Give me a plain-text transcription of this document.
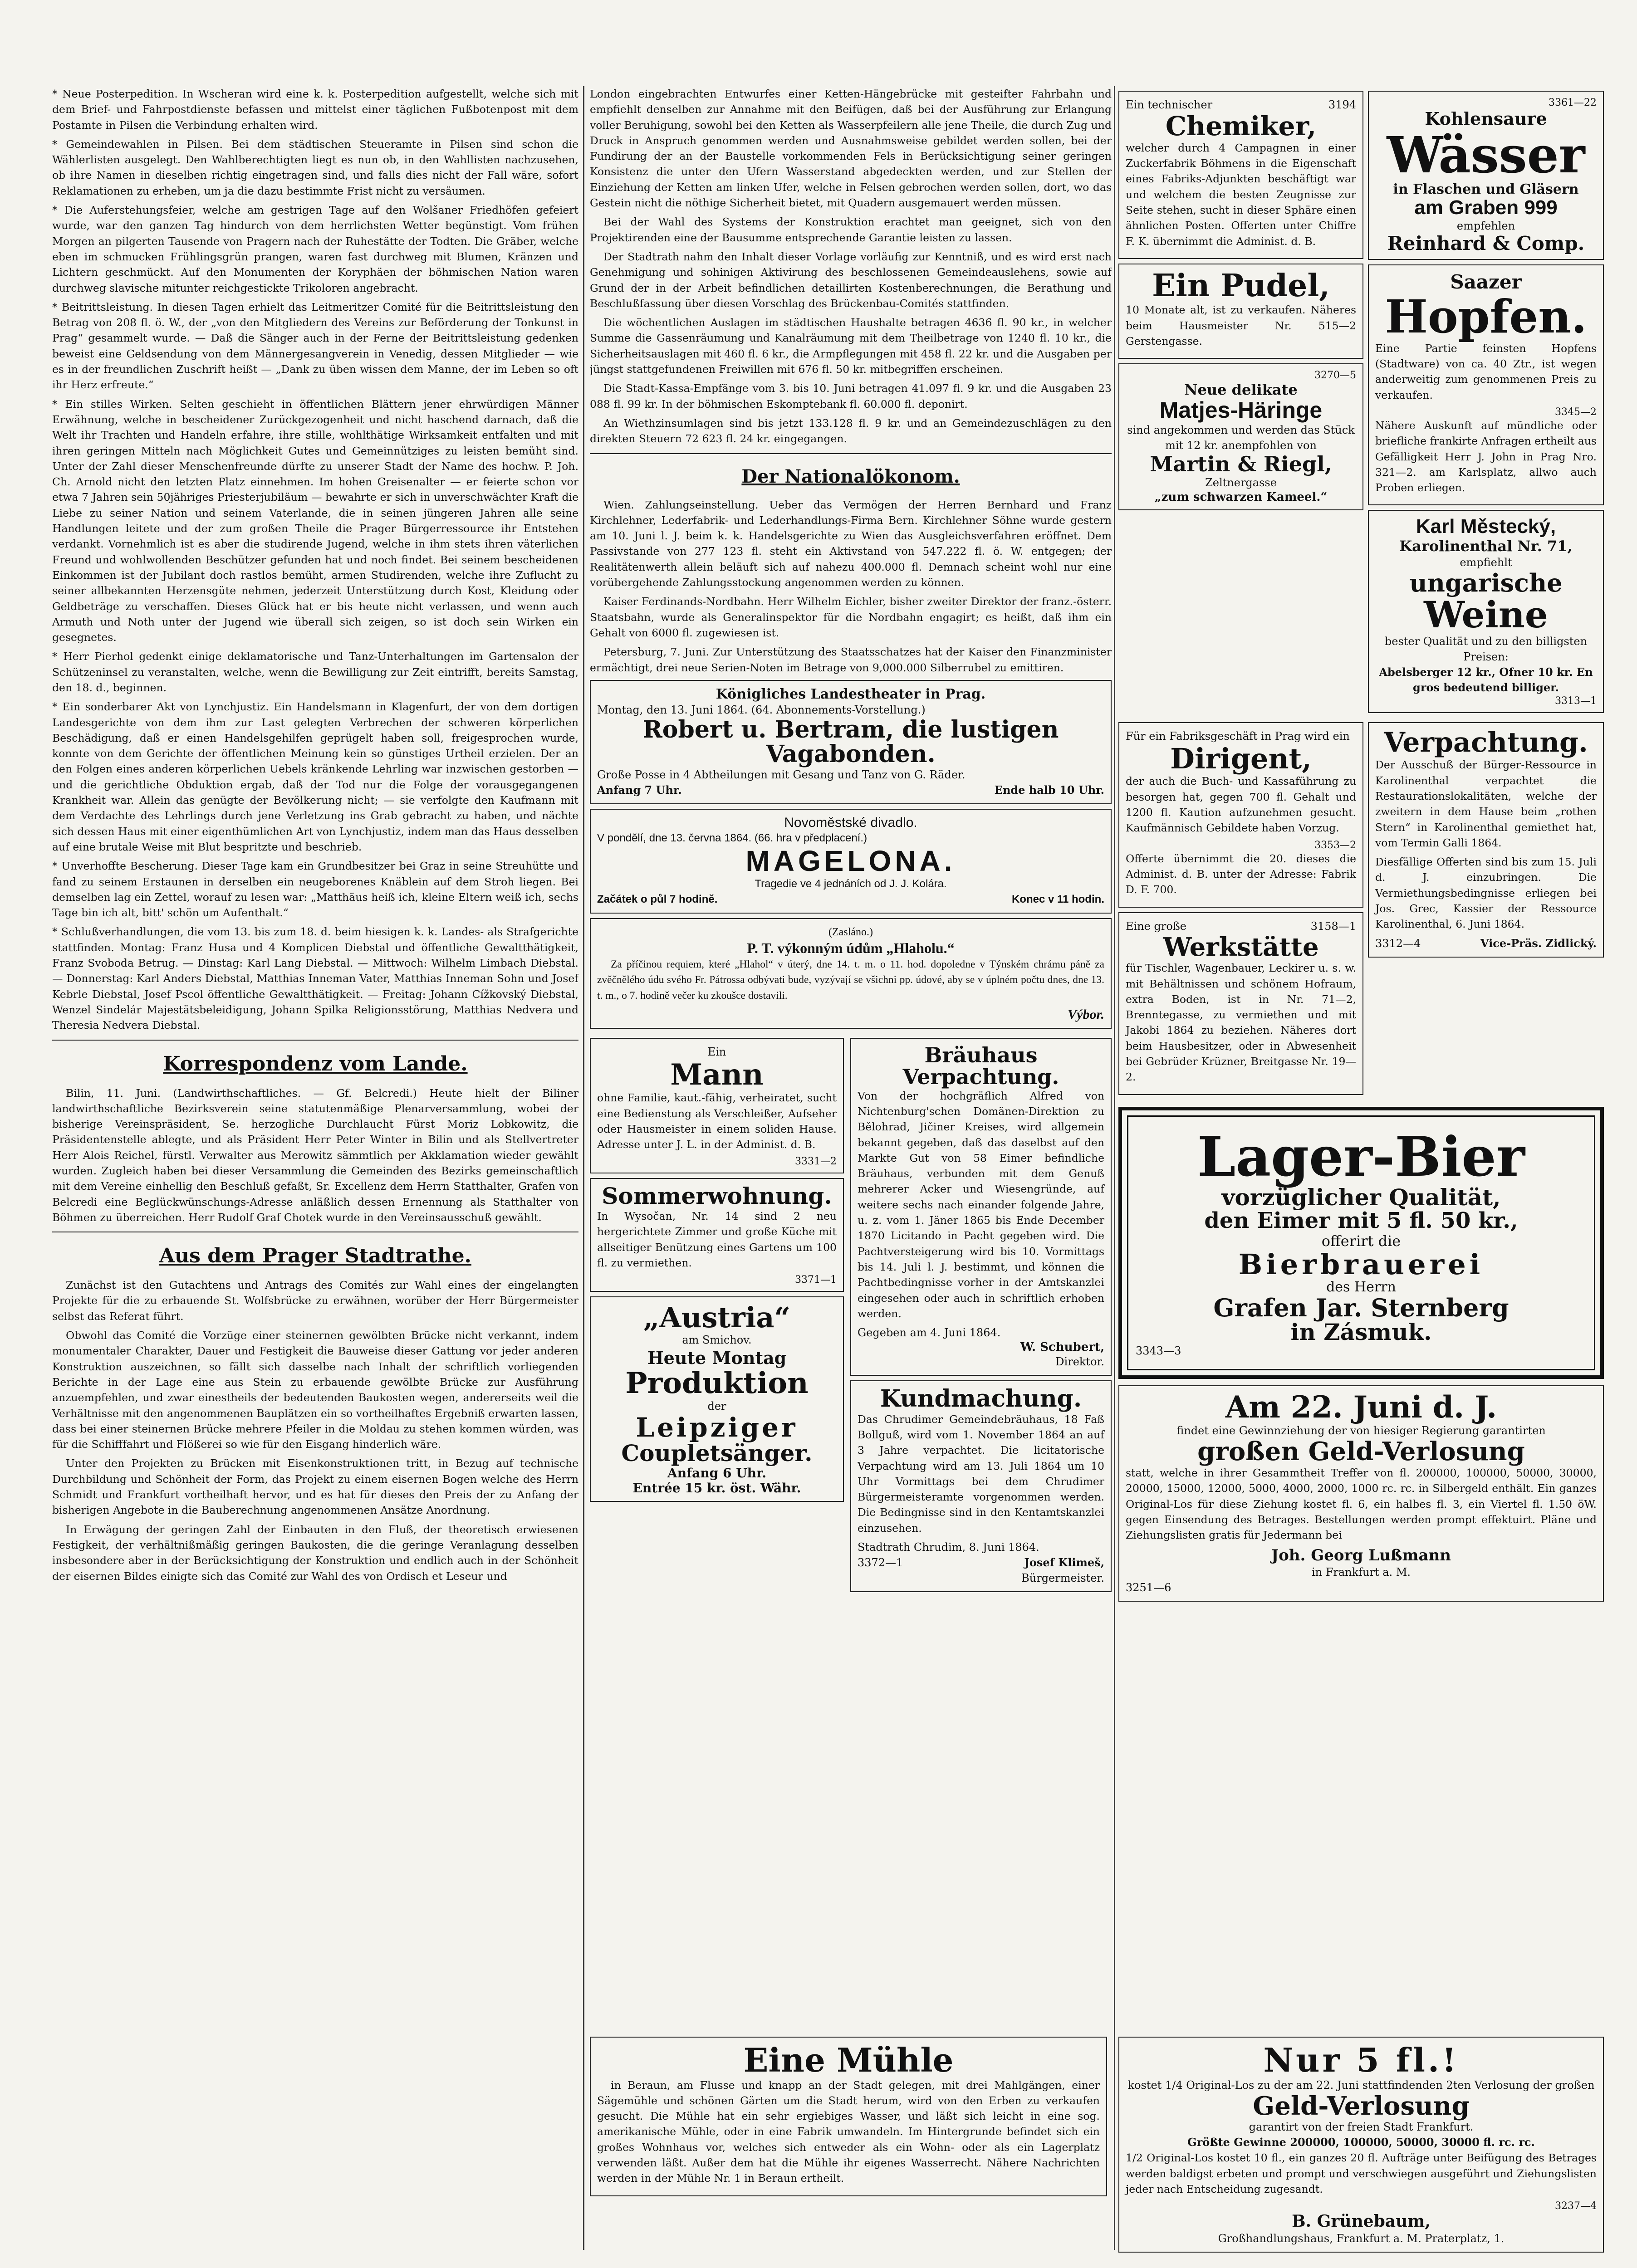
* Neue Posterpedition. In Wscheran wird eine k. k. Posterpedition aufgestellt, welche sich mit dem Brief- und Fahrpostdienste befassen und mittelst einer täglichen Fußbotenpost mit dem Postamte in Pilsen die Verbindung erhalten wird.

* Gemeindewahlen in Pilsen. Bei dem städtischen Steueramte in Pilsen sind schon die Wählerlisten ausgelegt. Den Wahlberechtigten liegt es nun ob, in den Wahllisten nachzusehen, ob ihre Namen in dieselben richtig eingetragen sind, und falls dies nicht der Fall wäre, sofort Reklamationen zu erheben, um ja die dazu bestimmte Frist nicht zu versäumen.

* Die Auferstehungsfeier, welche am gestrigen Tage auf den Wolšaner Friedhöfen gefeiert wurde, war den ganzen Tag hindurch von dem herrlichsten Wetter begünstigt. Vom frühen Morgen an pilgerten Tausende von Pragern nach der Ruhestätte der Todten. Die Gräber, welche eben im schmucken Frühlingsgrün prangen, waren fast durchweg mit Blumen, Kränzen und Lichtern geschmückt. Auf den Monumenten der Koryphäen der böhmischen Nation waren durchweg slavische mitunter reichgestickte Trikoloren angebracht.

* Beitrittsleistung. In diesen Tagen erhielt das Leitmeritzer Comité für die Beitrittsleistung den Betrag von 208 fl. ö. W., der „von den Mitgliedern des Vereins zur Beförderung der Tonkunst in Prag“ gesammelt wurde. — Daß die Sänger auch in der Ferne der Beitrittsleistung gedenken beweist eine Geldsendung von dem Männergesangverein in Venedig, dessen Mitglieder — wie es in der freundlichen Zuschrift heißt — „Dank zu üben wissen dem Manne, der im Leben so oft ihr Herz erfreute.“

* Ein stilles Wirken. Selten geschieht in öffentlichen Blättern jener ehrwürdigen Männer Erwähnung, welche in bescheidener Zurückgezogenheit und nicht haschend darnach, daß die Welt ihr Trachten und Handeln erfahre, ihre stille, wohlthätige Wirksamkeit entfalten und mit ihren geringen Mitteln nach Möglichkeit Gutes und Gemeinnütziges zu leisten bemüht sind. Unter der Zahl dieser Menschenfreunde dürfte zu unserer Stadt der Name des hochw. P. Joh. Ch. Arnold nicht den letzten Platz einnehmen. Im hohen Greisenalter — er feierte schon vor etwa 7 Jahren sein 50jähriges Priesterjubiläum — bewahrte er sich in unverschwächter Kraft die Liebe zu seiner Nation und seinem Vaterlande, die in seinen jüngeren Jahren alle seine Handlungen leitete und der zum großen Theile die Prager Bürgerressource ihr Entstehen verdankt. Vornehmlich ist es aber die studirende Jugend, welche in ihm stets ihren väterlichen Freund und wohlwollenden Beschützer gefunden hat und noch findet. Bei seinem bescheidenen Einkommen ist der Jubilant doch rastlos bemüht, armen Studirenden, welche ihre Zuflucht zu seiner allbekannten Herzensgüte nehmen, jederzeit Unterstützung durch Kost, Kleidung oder Geldbeträge zu verschaffen. Dieses Glück hat er bis heute nicht verlassen, und wenn auch Armuth und Noth unter der Jugend wie überall sich zeigen, so ist doch sein Wirken ein gesegnetes.

* Herr Pierhol gedenkt einige deklamatorische und Tanz-Unterhaltungen im Gartensalon der Schützeninsel zu veranstalten, welche, wenn die Bewilligung zur Zeit eintrifft, bereits Samstag, den 18. d., beginnen.

* Ein sonderbarer Akt von Lynchjustiz. Ein Handelsmann in Klagenfurt, der von dem dortigen Landesgerichte von dem ihm zur Last gelegten Verbrechen der schweren körperlichen Beschädigung, daß er einen Handelsgehilfen geprügelt haben soll, freigesprochen wurde, konnte von dem Gerichte der öffentlichen Meinung kein so günstiges Urtheil erzielen. Der an den Folgen eines anderen körperlichen Uebels kränkende Lehrling war inzwischen gestorben — und die gerichtliche Obduktion ergab, daß der Tod nur die Folge der vorausgegangenen Krankheit war. Allein das genügte der Bevölkerung nicht; — sie verfolgte den Kaufmann mit dem Verdachte des Lehrlings durch jene Verletzung ins Grab gebracht zu haben, und nächte sich dessen Haus mit einer eigenthümlichen Art von Lynchjustiz, indem man das Haus desselben auf eine brutale Weise mit Blut bespritzte und beschrieb.

* Unverhoffte Bescherung. Dieser Tage kam ein Grundbesitzer bei Graz in seine Streuhütte und fand zu seinem Erstaunen in derselben ein neugeborenes Knäblein auf dem Stroh liegen. Bei demselben lag ein Zettel, worauf zu lesen war: „Matthäus heiß ich, kleine Eltern weiß ich, sechs Tage bin ich alt, bitt' schön um Aufenthalt.“

* Schlußverhandlungen, die vom 13. bis zum 18. d. beim hiesigen k. k. Landes- als Strafgerichte stattfinden. Montag: Franz Husa und 4 Komplicen Diebstal und öffentliche Gewaltthätigkeit, Franz Svoboda Betrug. — Dinstag: Karl Lang Diebstal. — Mittwoch: Wilhelm Limbach Diebstal. — Donnerstag: Karl Anders Diebstal, Matthias Inneman Vater, Matthias Inneman Sohn und Josef Kebrle Diebstal, Josef Pscol öffentliche Gewaltthätigkeit. — Freitag: Johann Cížkovský Diebstal, Wenzel Sindelár Majestätsbeleidigung, Johann Spilka Religionsstörung, Matthias Nedvera und Theresia Nedvera Diebstal.

Korrespondenz vom Lande.

Bilin, 11. Juni. (Landwirthschaftliches. — Gf. Belcredi.) Heute hielt der Biliner landwirthschaftliche Bezirksverein seine statutenmäßige Plenarversammlung, wobei der bisherige Vereinspräsident, Se. herzogliche Durchlaucht Fürst Moriz Lobkowitz, die Präsidentenstelle ablegte, und als Präsident Herr Peter Winter in Bilin und als Stellvertreter Herr Alois Reichel, fürstl. Verwalter aus Merowitz sämmtlich per Akklamation wieder gewählt wurden. Zugleich haben bei dieser Versammlung die Gemeinden des Bezirks gemeinschaftlich mit dem Vereine einhellig den Beschluß gefaßt, Sr. Excellenz dem Herrn Statthalter, Grafen von Belcredi eine Beglückwünschungs-Adresse anläßlich dessen Ernennung als Statthalter von Böhmen zu überreichen. Herr Rudolf Graf Chotek wurde in den Vereinsausschuß gewählt.

Aus dem Prager Stadtrathe.

Zunächst ist den Gutachtens und Antrags des Comités zur Wahl eines der eingelangten Projekte für die zu erbauende St. Wolfsbrücke zu erwähnen, worüber der Herr Bürgermeister selbst das Referat führt.

Obwohl das Comité die Vorzüge einer steinernen gewölbten Brücke nicht verkannt, indem monumentaler Charakter, Dauer und Festigkeit die Bauweise dieser Gattung vor jeder anderen Konstruktion auszeichnen, so fällt sich dasselbe nach Inhalt der schriftlich vorliegenden Berichte in der Lage eine aus Stein zu erbauende gewölbte Brücke zur Ausführung anzuempfehlen, und zwar einestheils der bedeutenden Baukosten wegen, andererseits weil die Verhältnisse mit den angenommenen Bauplätzen ein so vortheilhaftes Ergebniß erwarten lassen, dass bei einer steinernen Brücke mehrere Pfeiler in die Moldau zu stehen kommen würden, was für die Schifffahrt und Flößerei so wie für den Eisgang hinderlich wäre.

Unter den Projekten zu Brücken mit Eisenkonstruktionen tritt, in Bezug auf technische Durchbildung und Schönheit der Form, das Projekt zu einem eisernen Bogen welche des Herrn Schmidt und Frankfurt vortheilhaft hervor, und es hat für dieses den Preis der zu Anfang der bisherigen Angebote in die Bauberechnung angenommenen Ansätze Anordnung.

In Erwägung der geringen Zahl der Einbauten in den Fluß, der theoretisch erwiesenen Festigkeit, der verhältnißmäßig geringen Baukosten, die die geringe Veranlagung desselben insbesondere aber in der Berücksichtigung der Konstruktion und endlich auch in der Schönheit der eisernen Bildes einigte sich das Comité zur Wahl des von Ordisch et Leseur und

London eingebrachten Entwurfes einer Ketten-Hängebrücke mit gesteifter Fahrbahn und empfiehlt denselben zur Annahme mit den Beifügen, daß bei der Ausführung zur Erlangung voller Beruhigung, sowohl bei den Ketten als Wasserpfeilern alle jene Theile, die durch Zug und Druck in Anspruch genommen werden und Ausnahmsweise gebildet werden sollen, bei der Fundirung der an der Baustelle vorkommenden Fels in Berücksichtigung seiner geringen Konsistenz die unter den Ufern Wasserstand abgedeckten werden, und zur Stellen der Einziehung der Ketten am linken Ufer, welche in Felsen gebrochen werden sollen, dort, wo das Gestein nicht die nöthige Sicherheit bietet, mit Quadern ausgemauert werden müssen.

Bei der Wahl des Systems der Konstruktion erachtet man geeignet, sich von den Projektirenden eine der Bausumme entsprechende Garantie leisten zu lassen.

Der Stadtrath nahm den Inhalt dieser Vorlage vorläufig zur Kenntniß, und es wird erst nach Genehmigung und sohinigen Aktivirung des beschlossenen Gemeindeauslehens, sowie auf Grund der in der Arbeit befindlichen detaillirten Kostenberechnungen, die Berathung und Beschlußfassung über diesen Vorschlag des Brückenbau-Comités stattfinden.

Die wöchentlichen Auslagen im städtischen Haushalte betragen 4636 fl. 90 kr., in welcher Summe die Gassenräumung und Kanalräumung mit dem Theilbetrage von 1240 fl. 10 kr., die Sicherheitsauslagen mit 460 fl. 6 kr., die Armpflegungen mit 458 fl. 22 kr. und die Ausgaben per jüngst stattgefundenen Freiwillen mit 676 fl. 50 kr. mitbegriffen erscheinen.

Die Stadt-Kassa-Empfänge vom 3. bis 10. Juni betragen 41.097 fl. 9 kr. und die Ausgaben 23 088 fl. 99 kr. In der böhmischen Eskomptebank fl. 60.000 fl. deponirt.

An Wiethzinsumlagen sind bis jetzt 133.128 fl. 9 kr. und an Gemeindezuschlägen zu den direkten Steuern 72 623 fl. 24 kr. eingegangen.

Der Nationalökonom.

Wien. Zahlungseinstellung. Ueber das Vermögen der Herren Bernhard und Franz Kirchlehner, Lederfabrik- und Lederhandlungs-Firma Bern. Kirchlehner Söhne wurde gestern am 10. Juni l. J. beim k. k. Handelsgerichte zu Wien das Ausgleichsverfahren eröffnet. Dem Passivstande von 277 123 fl. steht ein Aktivstand von 547.222 fl. ö. W. entgegen; der Realitätenwerth allein beläuft sich auf nahezu 400.000 fl. Demnach scheint wohl nur eine vorübergehende Zahlungsstockung angenommen werden zu können.

Kaiser Ferdinands-Nordbahn. Herr Wilhelm Eichler, bisher zweiter Direktor der franz.-österr. Staatsbahn, wurde als Generalinspektor für die Nordbahn engagirt; es heißt, daß ihm ein Gehalt von 6000 fl. zugewiesen ist.

Petersburg, 7. Juni. Zur Unterstützung des Staatsschatzes hat der Kaiser den Finanzminister ermächtigt, drei neue Serien-Noten im Betrage von 9,000.000 Silberrubel zu emittiren.

Königliches Landestheater in Prag.
Montag, den 13. Juni 1864. (64. Abonnements-Vorstellung.)
Robert u. Bertram, die lustigen Vagabonden.
Große Posse in 4 Abtheilungen mit Gesang und Tanz von G. Räder.
Anfang 7 Uhr.	Ende halb 10 Uhr.
Novoměstské divadlo.
V pondělí, dne 13. června 1864. (66. hra v předplacení.)
MAGELONA.
Tragedie ve 4 jednáních od J. J. Kolára.
Začátek o půl 7 hodině.	Konec v 11 hodin.
(Zasláno.)
P. T. výkonným údům „Hlaholu.“

Za příčinou requiem, které „Hlahol“ v úterý, dne 14. t. m. o 11. hod. dopoledne v Týnském chrámu páně za zvěčnělého údu svého Fr. Pátrossa odbývati bude, vyzývají se všichni pp. údové, aby se v úplném počtu dnes, dne 13. t. m., o 7. hodině večer ku zkoušce dostavili.

Výbor.
Ein
Mann

ohne Familie, kaut.-fähig, verheiratet, sucht eine Bedienstung als Verschleißer, Aufseher oder Hausmeister in einem soliden Hause. Adresse unter J. L. in der Administ. d. B.

3331—2
Sommerwohnung.

In Wysočan, Nr. 14 sind 2 neu hergerichtete Zimmer und große Küche mit allseitiger Benützung eines Gartens um 100 fl. zu vermiethen.

3371—1
„Austria“
am Smichov.
Heute Montag
Produktion
der
Leipziger
Coupletsänger.
Anfang 6 Uhr.
Entrée 15 kr. öst. Währ.
Bräuhaus
Verpachtung.

Von der hochgräflich Alfred von Nichtenburg'schen Domänen-Direktion zu Bělohrad, Jičiner Kreises, wird allgemein bekannt gegeben, daß das daselbst auf den Markte Gut von 58 Eimer befindliche Bräuhaus, verbunden mit dem Genuß mehrerer Acker und Wiesengründe, auf weitere sechs nach einander folgende Jahre, u. z. vom 1. Jäner 1865 bis Ende December 1870 Licitando in Pacht gegeben wird. Die Pachtversteigerung wird bis 10. Vormittags bis 14. Juli l. J. bestimmt, und können die Pachtbedingnisse vorher in der Amtskanzlei eingesehen oder auch in schriftlich erhoben werden.

Gegeben am 4. Juni 1864.
W. Schubert,
Direktor.
Kundmachung.

Das Chrudimer Gemeindebräuhaus, 18 Faß Bollguß, wird vom 1. November 1864 an auf 3 Jahre verpachtet. Die licitatorische Verpachtung wird am 13. Juli 1864 um 10 Uhr Vormittags bei dem Chrudimer Bürgermeisteramte vorgenommen werden. Die Bedingnisse sind in den Kentamtskanzlei einzusehen.

Stadtrath Chrudim, 8. Juni 1864.
3372—1	Josef Klimeš,
Bürgermeister.
Ein technischer	3194
Chemiker,

welcher durch 4 Campagnen in einer Zuckerfabrik Böhmens in die Eigenschaft eines Fabriks-Adjunkten beschäftigt war und welchem die besten Zeugnisse zur Seite stehen, sucht in dieser Sphäre einen ähnlichen Posten. Offerten unter Chiffre F. K. übernimmt die Administ. d. B.

Ein Pudel,

10 Monate alt, ist zu verkaufen. Näheres beim Hausmeister Nr. 515—2 Gerstengasse.

3270—5
Neue delikate
Matjes-Häringe
sind angekommen und werden das Stück mit 12 kr. anempfohlen von
Martin & Riegl,
Zeltnergasse
„zum schwarzen Kameel.“
3361—22
Kohlensaure
Wässer
in Flaschen und Gläsern
am Graben 999
empfehlen
Reinhard & Comp.
Saazer
Hopfen.

Eine Partie feinsten Hopfens (Stadtware) von ca. 40 Ztr., ist wegen anderweitig zum genommenen Preis zu verkaufen.

3345—2

Nähere Auskunft auf mündliche oder briefliche frankirte Anfragen ertheilt aus Gefälligkeit Herr J. John in Prag Nro. 321—2. am Karlsplatz, allwo auch Proben erliegen.

Karl Městecký,
Karolinenthal Nr. 71,
empfiehlt
ungarische
Weine
bester Qualität und zu den billigsten Preisen:
Abelsberger 12 kr., Ofner 10 kr. En gros bedeutend billiger.
3313—1
Für ein Fabriksgeschäft in Prag wird ein
Dirigent,

der auch die Buch- und Kassaführung zu besorgen hat, gegen 700 fl. Gehalt und 1200 fl. Kaution aufzunehmen gesucht. Kaufmännisch Gebildete haben Vorzug.

3353—2

Offerte übernimmt die 20. dieses die Administ. d. B. unter der Adresse: Fabrik D. F. 700.

Eine große	3158—1
Werkstätte

für Tischler, Wagenbauer, Leckirer u. s. w. mit Behältnissen und schönem Hofraum, extra Boden, ist in Nr. 71—2, Brenntegasse, zu vermiethen und mit Jakobi 1864 zu beziehen. Näheres dort beim Hausbesitzer, oder in Abwesenheit bei Gebrüder Krüzner, Breitgasse Nr. 19—2.

Verpachtung.

Der Ausschuß der Bürger-Ressource in Karolinenthal verpachtet die Restaurationslokalitäten, welche der zweitern in dem Hause beim „rothen Stern“ in Karolinenthal gemiethet hat, vom Termin Galli 1864.

Diesfällige Offerten sind bis zum 15. Juli d. J. einzubringen. Die Vermiethungsbedingnisse erliegen bei Jos. Grec, Kassier der Ressource Karolinenthal, 6. Juni 1864.

3312—4	Vice-Präs. Zidlický.
Lager-Bier
vorzüglicher Qualität,
den Eimer mit 5 fl. 50 kr.,
offerirt die
Bierbrauerei
des Herrn
Grafen Jar. Sternberg
in Zásmuk.
3343—3
Am 22. Juni d. J.
findet eine Gewinnziehung der von hiesiger Regierung garantirten
großen Geld-Verlosung

statt, welche in ihrer Gesammtheit Treffer von fl. 200000, 100000, 50000, 30000, 20000, 15000, 12000, 5000, 4000, 2000, 1000 rc. rc. in Silbergeld enthält. Ein ganzes Original-Los für diese Ziehung kostet fl. 6, ein halbes fl. 3, ein Viertel fl. 1.50 öW. gegen Einsendung des Betrages. Bestellungen werden prompt effektuirt. Pläne und Ziehungslisten gratis für Jedermann bei

Joh. Georg Lußmann
in Frankfurt a. M.
3251—6
Eine Mühle

in Beraun, am Flusse und knapp an der Stadt gelegen, mit drei Mahlgängen, einer Sägemühle und schönen Gärten um die Stadt herum, wird von den Erben zu verkaufen gesucht. Die Mühle hat ein sehr ergiebiges Wasser, und läßt sich leicht in eine sog. amerikanische Mühle, oder in eine Fabrik umwandeln. Im Hintergrunde befindet sich ein großes Wohnhaus vor, welches sich entweder als ein Wohn- oder als ein Lagerplatz verwenden läßt. Außer dem hat die Mühle ihr eigenes Wasserrecht. Nähere Nachrichten werden in der Mühle Nr. 1 in Beraun ertheilt.

Nur 5 fl.!
kostet 1/4 Original-Los zu der am 22. Juni stattfindenden 2ten Verlosung der großen
Geld-Verlosung
garantirt von der freien Stadt Frankfurt.
Größte Gewinne 200000, 100000, 50000, 30000 fl. rc. rc.

1/2 Original-Los kostet 10 fl., ein ganzes 20 fl. Aufträge unter Beifügung des Betrages werden baldigst erbeten und prompt und verschwiegen ausgeführt und Ziehungslisten jeder nach Entscheidung zugesandt.

3237—4
B. Grünebaum,
Großhandlungshaus, Frankfurt a. M. Praterplatz, 1.
